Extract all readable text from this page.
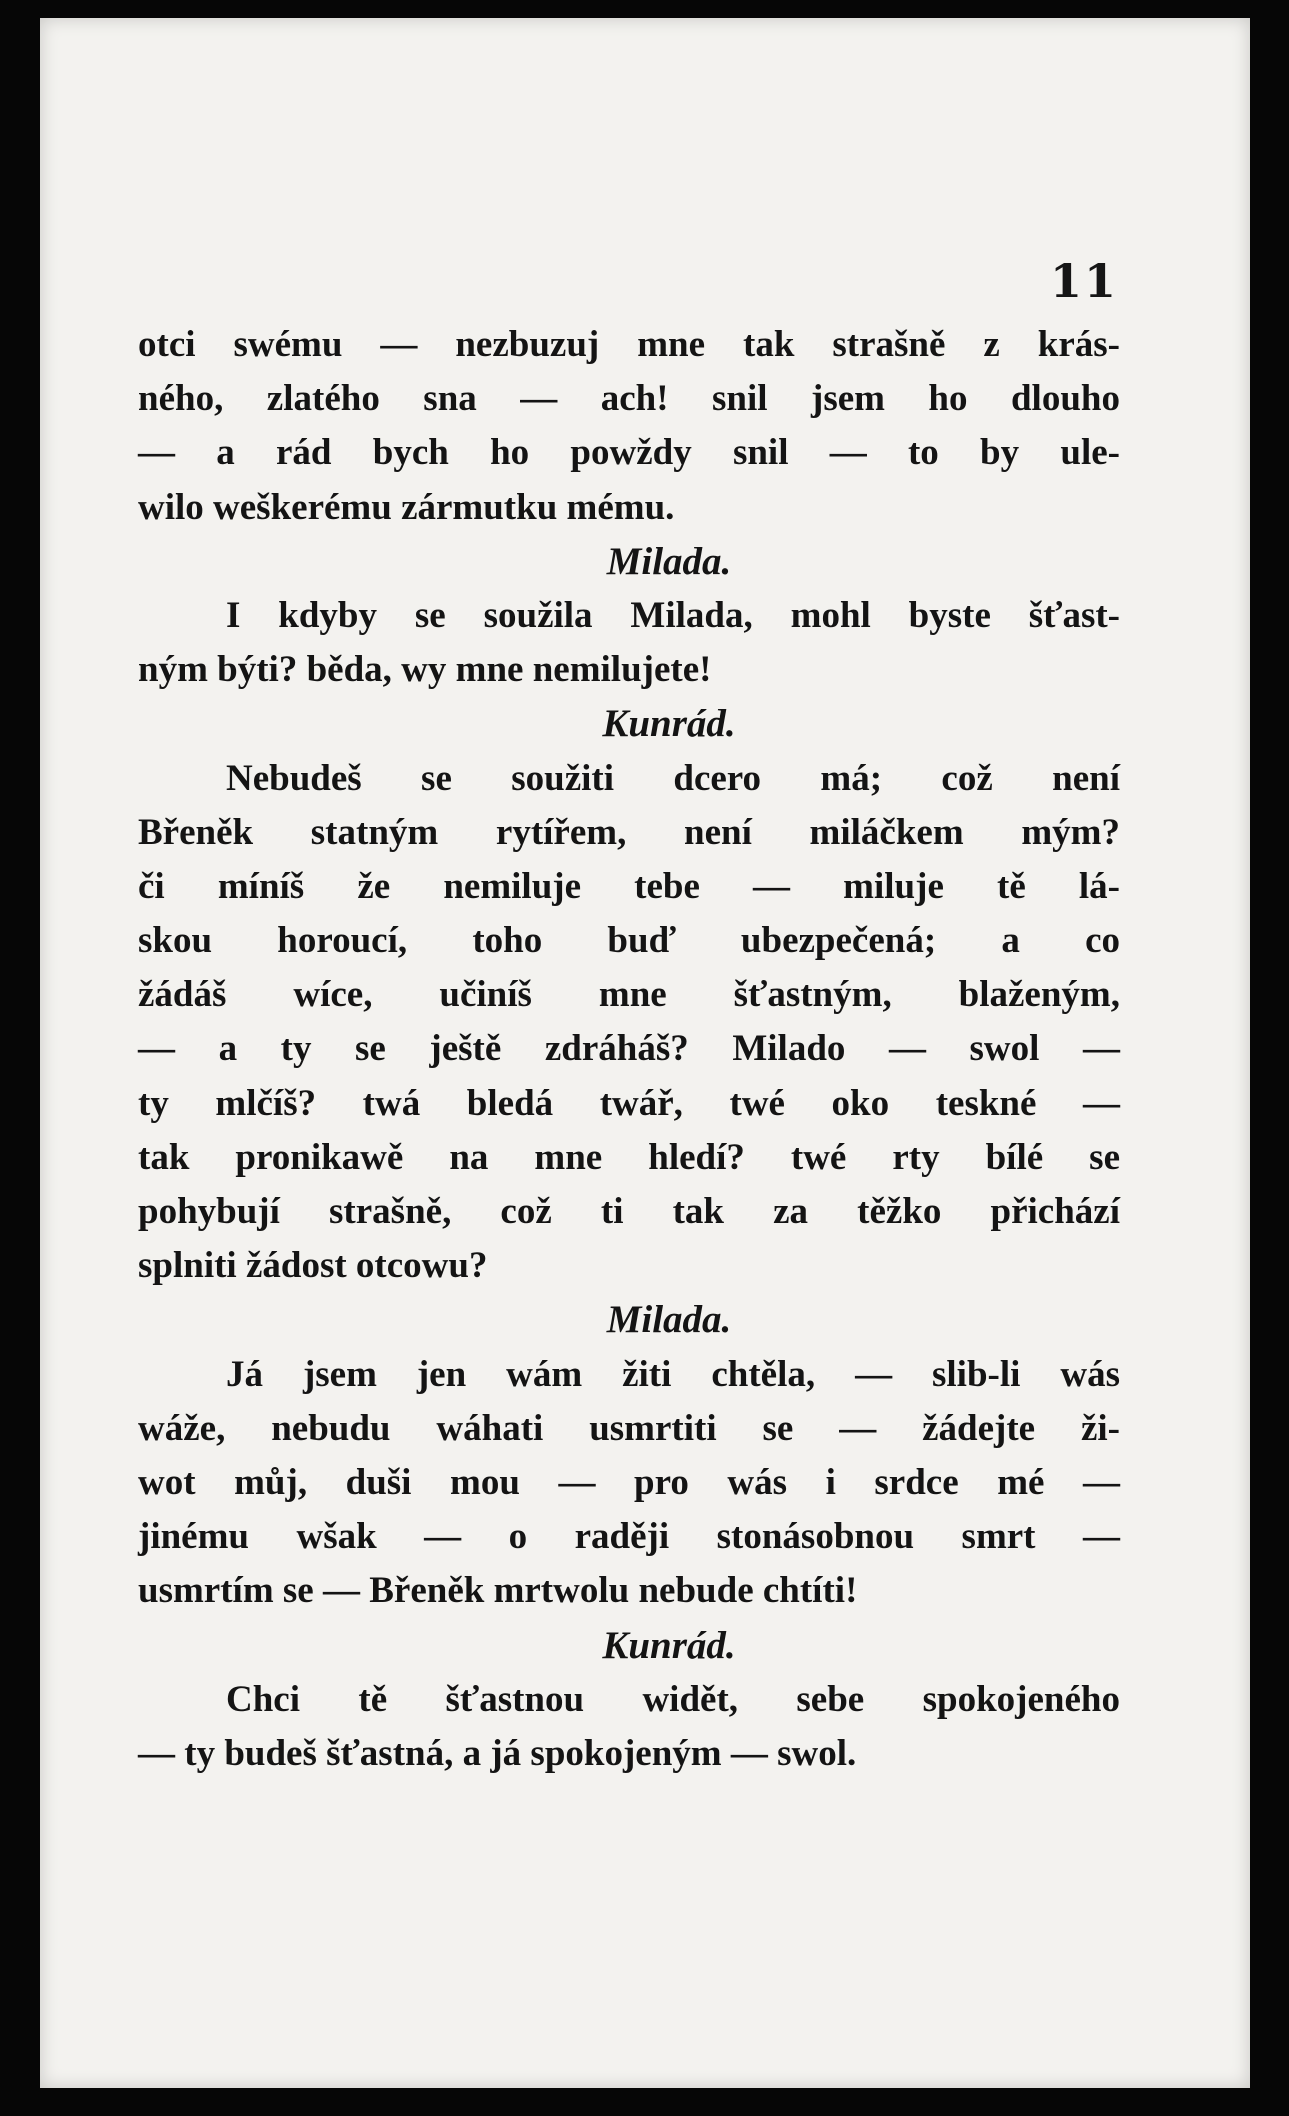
11
otci swému — nezbuzuj mne tak strašně z krás-
ného, zlatého sna — ach! snil jsem ho dlouho
— a rád bych ho powždy snil — to by ule-
wilo weškerému zármutku mému.
Milada.
I kdyby se soužila Milada, mohl byste šťast-
ným býti? běda, wy mne nemilujete!
Kunrád.
Nebudeš se soužiti dcero má; což není
Břeněk statným rytířem, není miláčkem mým?
či míníš že nemiluje tebe — miluje tě lá-
skou horoucí, toho buď ubezpečená; a co
žádáš wíce, učiníš mne šťastným, blaženým,
— a ty se ještě zdráháš? Milado — swol —
ty mlčíš? twá bledá twář, twé oko teskné —
tak pronikawě na mne hledí? twé rty bílé se
pohybují strašně, což ti tak za těžko přichází
splniti žádost otcowu?
Milada.
Já jsem jen wám žiti chtěla, — slib-li wás
wáže, nebudu wáhati usmrtiti se — žádejte ži-
wot můj, duši mou — pro wás i srdce mé —
jinému wšak — o raději stonásobnou smrt —
usmrtím se — Břeněk mrtwolu nebude chtíti!
Kunrád.
Chci tě šťastnou widět, sebe spokojeného
— ty budeš šťastná, a já spokojeným — swol.
